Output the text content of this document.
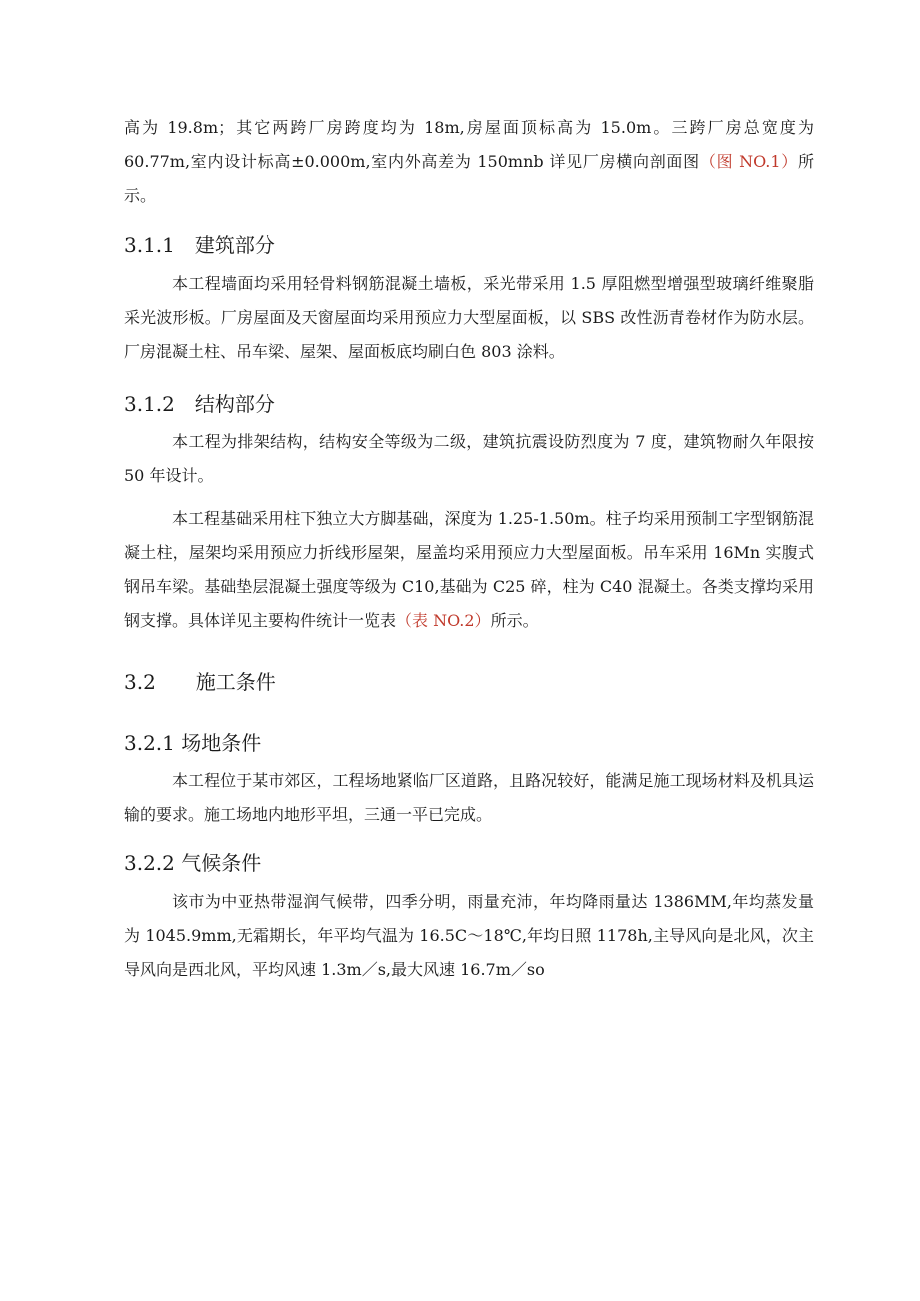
高为 19.8m；其它两跨厂房跨度均为 18m,房屋面顶标高为 15.0m。三跨厂房总宽度为 60.77m,室内设计标高±0.000m,室内外高差为 150mnb 详见厂房横向剖面图（图 NO.1）所示。

3.1.1　建筑部分

本工程墙面均采用轻骨料钢筋混凝土墙板，采光带采用 1.5 厚阻燃型增强型玻璃纤维聚脂采光波形板。厂房屋面及天窗屋面均采用预应力大型屋面板，以 SBS 改性沥青卷材作为防水层。厂房混凝土柱、吊车梁、屋架、屋面板底均刷白色 803 涂料。

3.1.2　结构部分

本工程为排架结构，结构安全等级为二级，建筑抗震设防烈度为 7 度，建筑物耐久年限按 50 年设计。

本工程基础采用柱下独立大方脚基础，深度为 1.25-1.50m。柱子均采用预制工字型钢筋混凝土柱，屋架均采用预应力折线形屋架，屋盖均采用预应力大型屋面板。吊车采用 16Mn 实腹式钢吊车梁。基础垫层混凝土强度等级为 C10,基础为 C25 碎，柱为 C40 混凝土。各类支撑均采用钢支撑。具体详见主要构件统计一览表（表 NO.2）所示。

3.2　　施工条件
3.2.1 场地条件

本工程位于某市郊区，工程场地紧临厂区道路，且路况较好，能满足施工现场材料及机具运输的要求。施工场地内地形平坦，三通一平已完成。

3.2.2 气候条件

该市为中亚热带湿润气候带，四季分明，雨量充沛，年均降雨量达 1386MM,年均蒸发量为 1045.9mm,无霜期长，年平均气温为 16.5C～18℃,年均日照 1178h,主导风向是北风，次主导风向是西北风，平均风速 1.3m／s,最大风速 16.7m／so
